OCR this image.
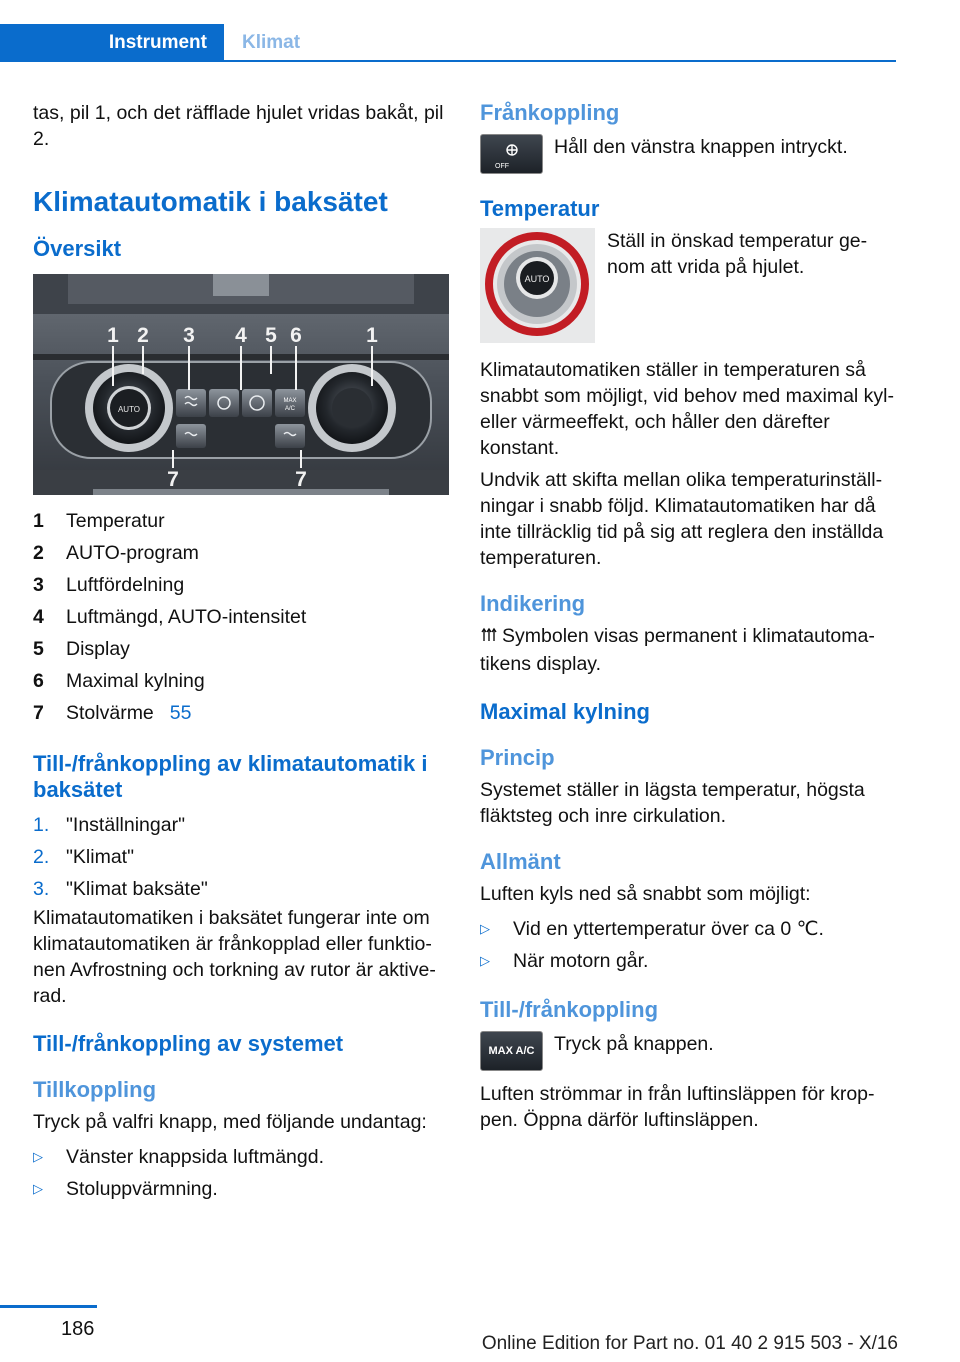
Instrument	Klimat

tas, pil 1, och det räfflade hjulet vridas bakåt, pil 2.

Klimatautomatik i baksätet
Översikt
AUTO
MAX
A/C
1 2 3 4 5 6	1
7	7
1	Temperatur
2	AUTO-program
3	Luftfördelning
4	Luftmängd, AUTO-intensitet
5	Display
6	Maximal kylning
7	Stolvärme 55
Till-/frånkoppling av klimatautomatik i baksätet
1. "Inställningar"
2. "Klimat"
3. "Klimat baksäte"

Klimatautomatiken i baksätet fungerar inte om klimatautomatiken är frånkopplad eller funktio- nen Avfrostning och torkning av rutor är aktive- rad.

Till-/frånkoppling av systemet
Tillkoppling

Tryck på valfri knapp, med följande undantag:

▷	Vänster knappsida luftmängd.
▷	Stoluppvärmning.
Frånkoppling
OFF
Håll den vänstra knappen intryckt.
Temperatur
AUTO
Ställ in önskad temperatur ge- nom att vrida på hjulet.

Klimatautomatiken ställer in temperaturen så snabbt som möjligt, vid behov med maximal kyl- eller värmeeffekt, och håller den därefter konstant.

Undvik att skifta mellan olika temperaturinställ- ningar i snabb följd. Klimatautomatiken har då inte tillräcklig tid på sig att reglera den inställda temperaturen.

Indikering

Symbolen visas permanent i klimatautoma- tikens display.

Maximal kylning
Princip

Systemet ställer in lägsta temperatur, högsta fläktsteg och inre cirkulation.

Allmänt

Luften kyls ned så snabbt som möjligt:

▷	Vid en yttertemperatur över ca 0 ℃.
▷	När motorn går.
Till-/frånkoppling
MAX A/C Tryck på knappen.

Luften strömmar in från luftinsläppen för krop- pen. Öppna därför luftinsläppen.

186
Online Edition for Part no. 01 40 2 915 503 - X/16
